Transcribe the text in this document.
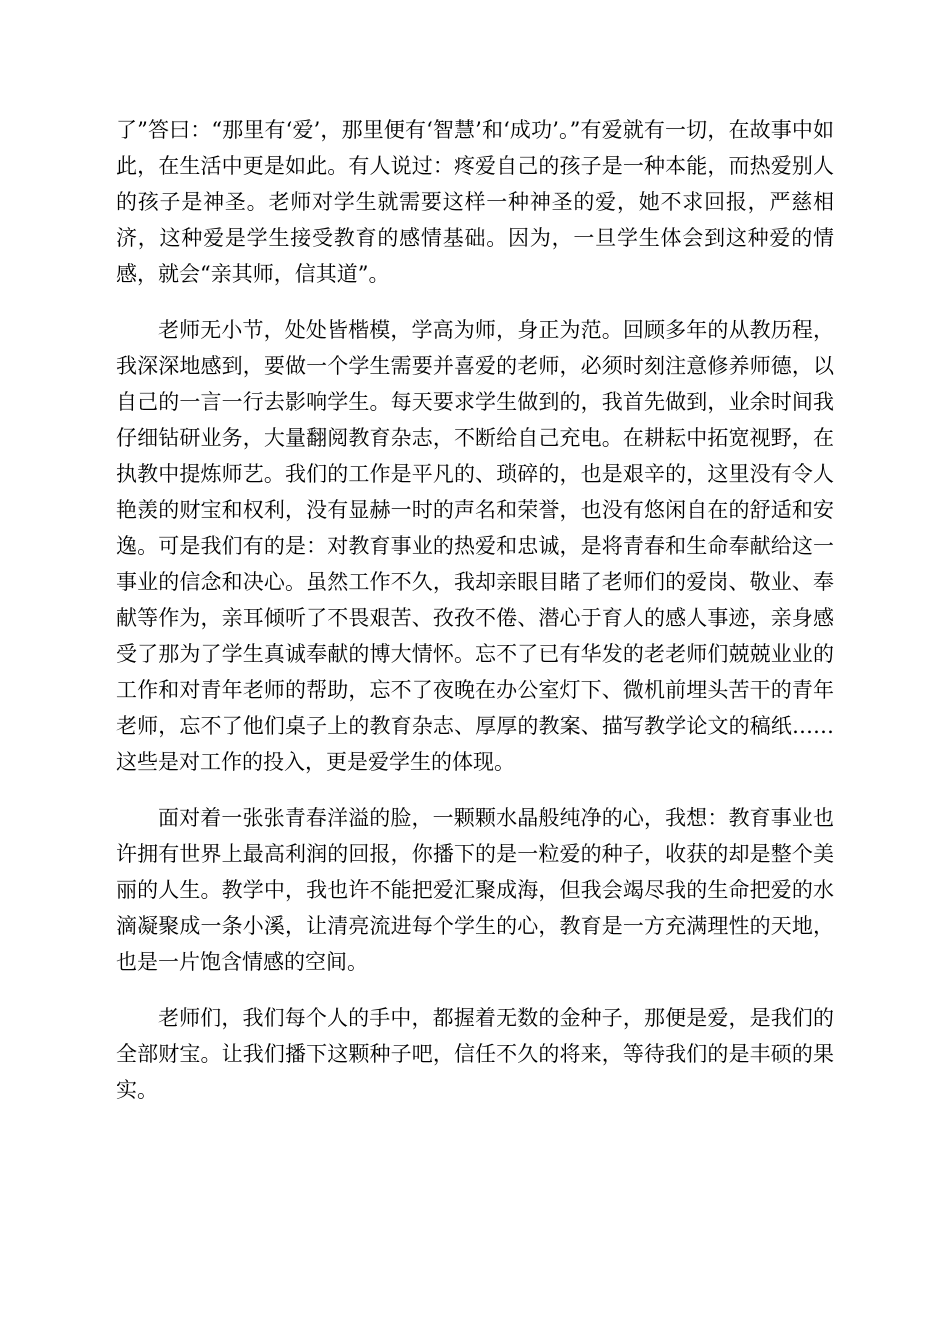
了”答曰：“那里有‘爱’，那里便有‘智慧’和‘成功’。”有爱就有一切，在故事中如此，在生活中更是如此。有人说过：疼爱自己的孩子是一种本能，而热爱别人的孩子是神圣。老师对学生就需要这样一种神圣的爱，她不求回报，严慈相济，这种爱是学生接受教育的感情基础。因为，一旦学生体会到这种爱的情感，就会“亲其师，信其道”。

老师无小节，处处皆楷模，学高为师，身正为范。回顾多年的从教历程，我深深地感到，要做一个学生需要并喜爱的老师，必须时刻注意修养师德，以自己的一言一行去影响学生。每天要求学生做到的，我首先做到，业余时间我仔细钻研业务，大量翻阅教育杂志，不断给自己充电。在耕耘中拓宽视野，在执教中提炼师艺。我们的工作是平凡的、琐碎的，也是艰辛的，这里没有令人艳羡的财宝和权利，没有显赫一时的声名和荣誉，也没有悠闲自在的舒适和安逸。可是我们有的是：对教育事业的热爱和忠诚，是将青春和生命奉献给这一事业的信念和决心。虽然工作不久，我却亲眼目睹了老师们的爱岗、敬业、奉献等作为，亲耳倾听了不畏艰苦、孜孜不倦、潜心于育人的感人事迹，亲身感受了那为了学生真诚奉献的博大情怀。忘不了已有华发的老老师们兢兢业业的工作和对青年老师的帮助，忘不了夜晚在办公室灯下、微机前埋头苦干的青年老师，忘不了他们桌子上的教育杂志、厚厚的教案、描写教学论文的稿纸……这些是对工作的投入，更是爱学生的体现。

面对着一张张青春洋溢的脸，一颗颗水晶般纯净的心，我想：教育事业也许拥有世界上最高利润的回报，你播下的是一粒爱的种子，收获的却是整个美丽的人生。教学中，我也许不能把爱汇聚成海，但我会竭尽我的生命把爱的水滴凝聚成一条小溪，让清亮流进每个学生的心，教育是一方充满理性的天地，也是一片饱含情感的空间。

老师们，我们每个人的手中，都握着无数的金种子，那便是爱，是我们的全部财宝。让我们播下这颗种子吧，信任不久的将来，等待我们的是丰硕的果实。
